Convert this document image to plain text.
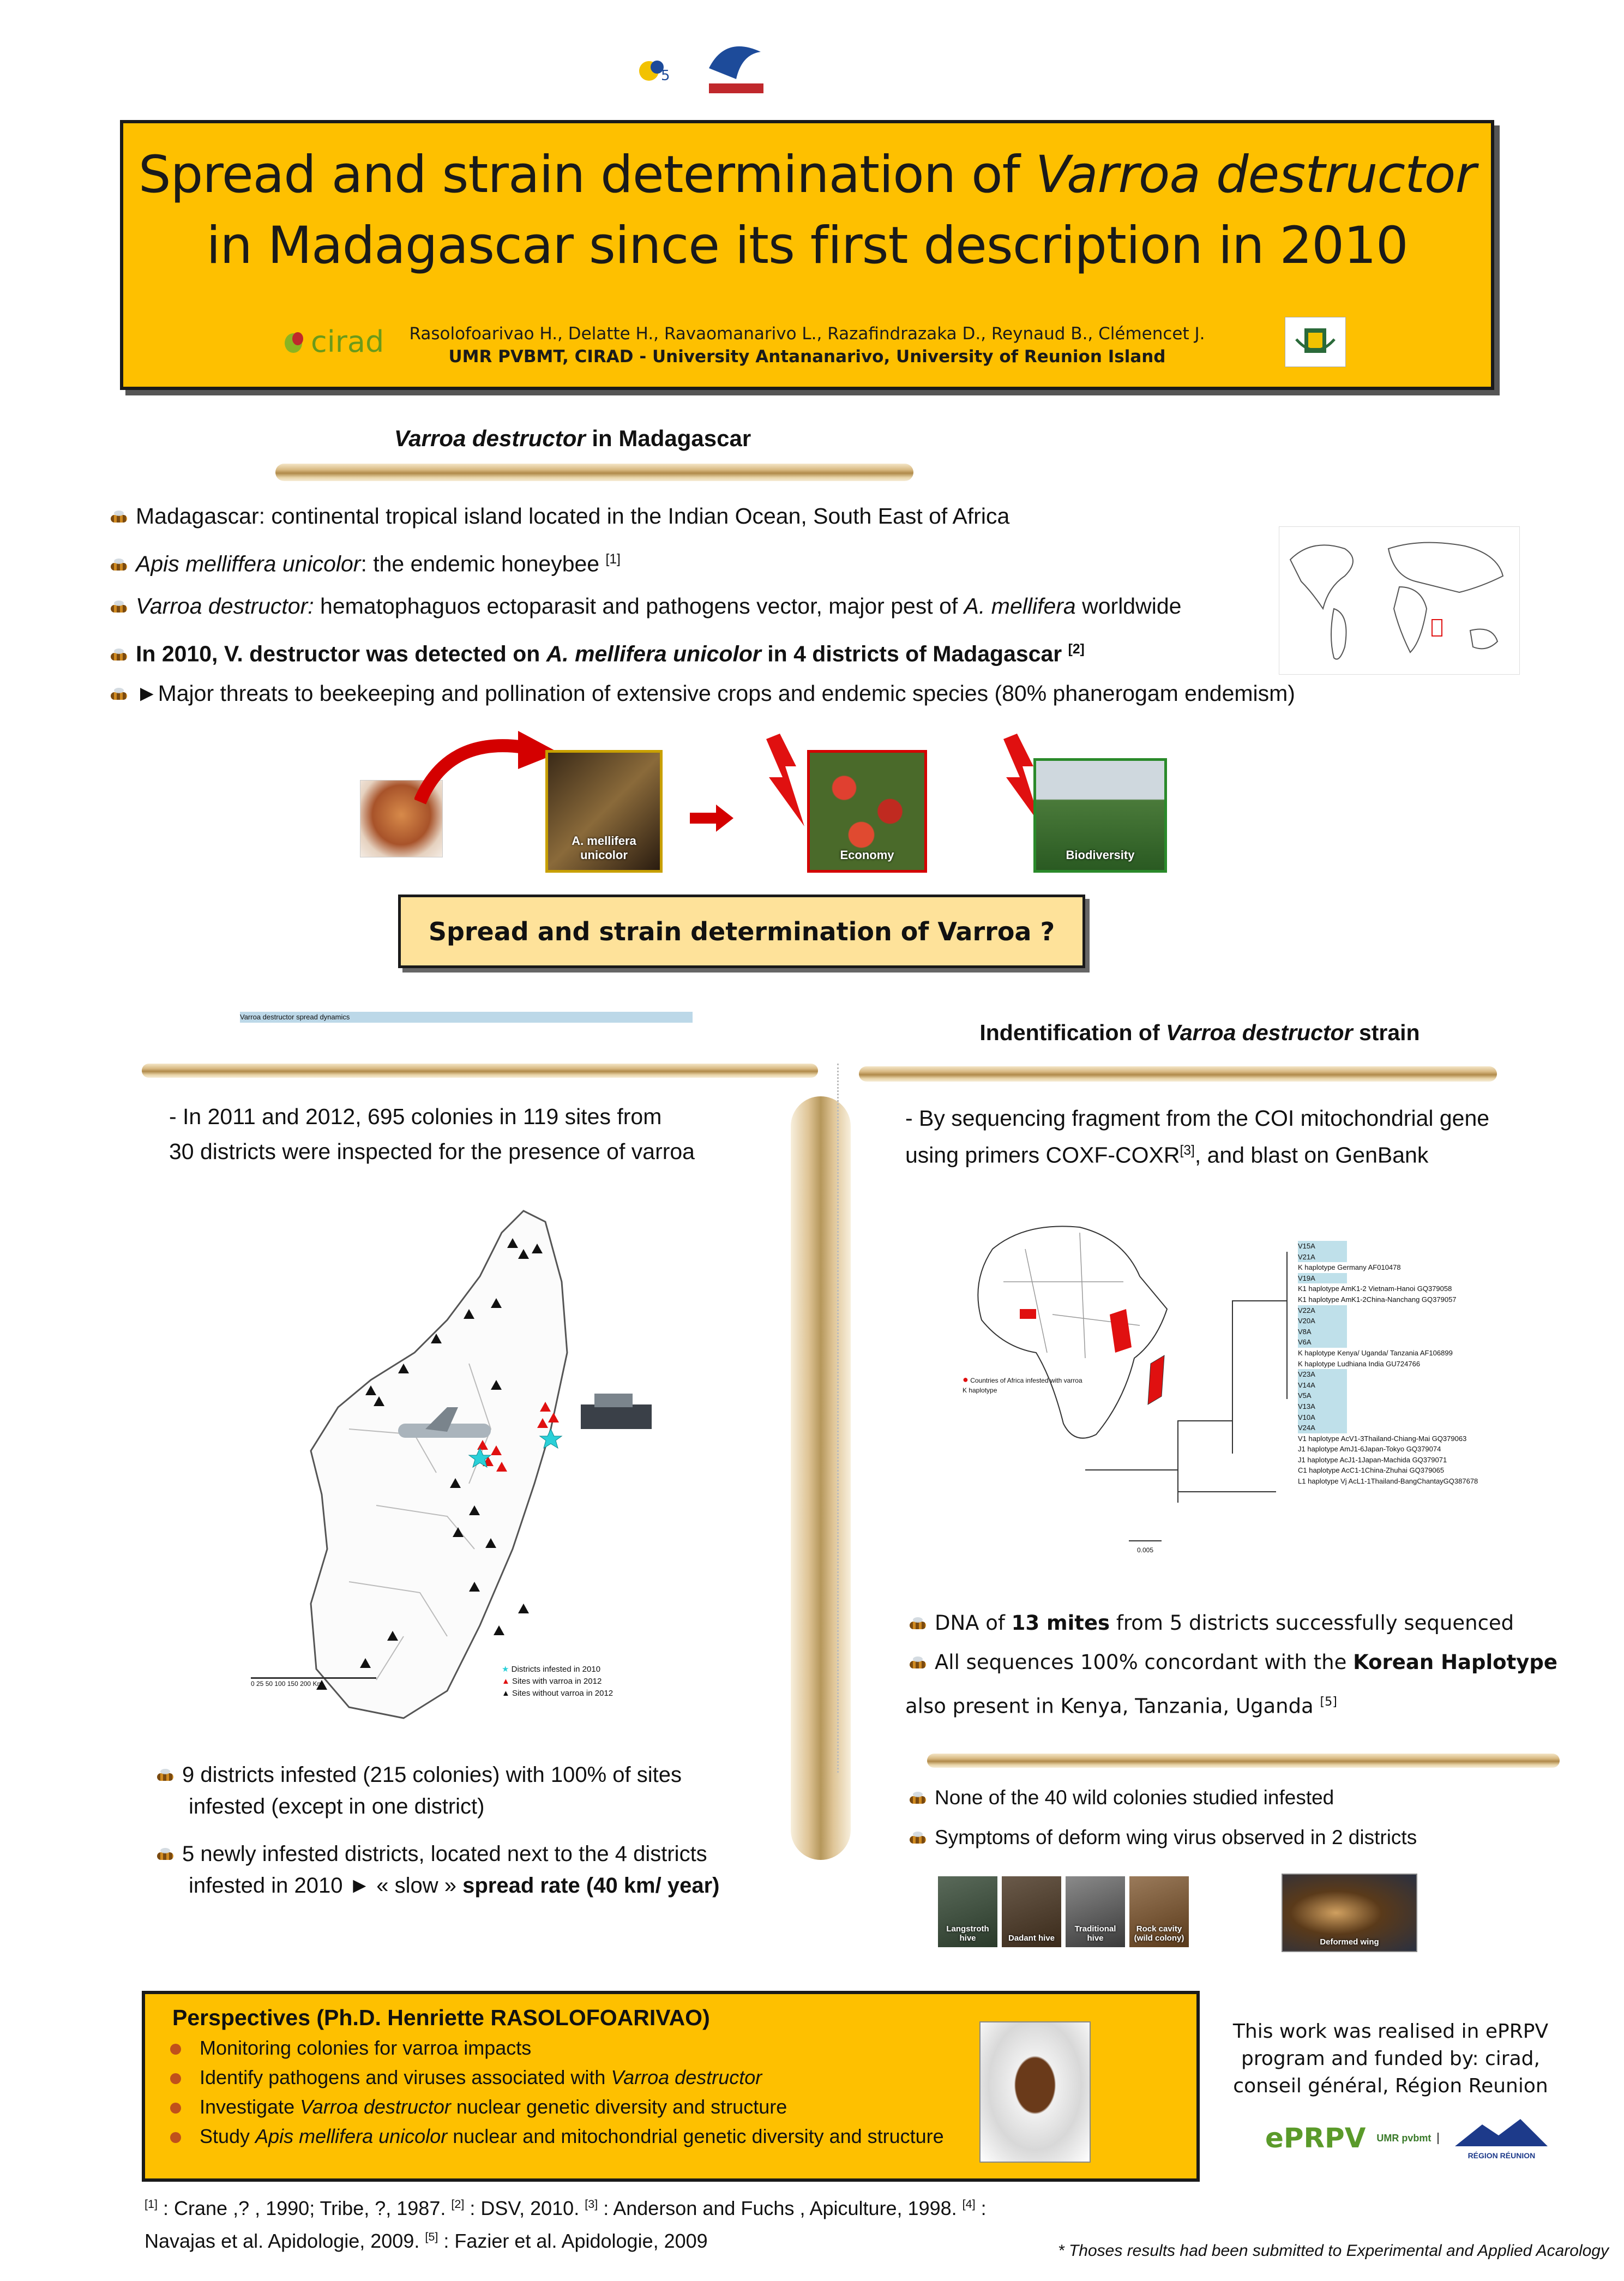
5
Spread and strain determination of Varroa destructor
in Madagascar since its first description in 2010
Rasolofoarivao H., Delatte H., Ravaomanarivo L., Razafindrazaka D., Reynaud B., Clémencet J.
UMR PVBMT, CIRAD - University Antananarivo, University of Reunion Island
cirad
Varroa destructor in Madagascar
Madagascar: continental tropical island located in the Indian Ocean, South East of Africa
Apis melliffera unicolor: the endemic honeybee [1]
Varroa destructor: hematophaguos ectoparasit and pathogens vector, major pest of A. mellifera worldwide
In 2010, V. destructor was detected on A. mellifera unicolor in 4 districts of Madagascar [2]
►Major threats to beekeeping and pollination of extensive crops and endemic species (80% phanerogam endemism)
A. mellifera unicolor	Economy	Biodiversity
Spread and strain determination of Varroa ?
Varroa destructor spread dynamics
- In 2011 and 2012, 695 colonies in 119 sites from
30 districts were inspected for the presence of varroa
★ Districts infested in 2010
▲ Sites with varroa in 2012
▲ Sites without varroa in 2012
0 25 50 100 150 200 Km
9 districts infested (215 colonies) with 100% of sites
infested (except in one district)
5 newly infested districts, located next to the 4 districts
infested in 2010 ► « slow » spread rate (40 km/ year)
Indentification of Varroa destructor strain
- By sequencing fragment from the COI mitochondrial gene
using primers COXF-COXR[3], and blast on GenBank
● Countries of Africa infested with varroa K haplotype
V15A
V21A
K haplotype Germany AF010478
V19A
K1 haplotype AmK1-2 Vietnam-Hanoi GQ379058
K1 haplotype AmK1-2China-Nanchang GQ379057
V22A
V20A
V8A
V6A
K haplotype Kenya/ Uganda/ Tanzania AF106899
K haplotype Ludhiana India GU724766
V23A
V14A
V5A
V13A
V10A
V24A
V1 haplotype AcV1-3Thailand-Chiang-Mai GQ379063
J1 haplotype AmJ1-6Japan-Tokyo GQ379074
J1 haplotype AcJ1-1Japan-Machida GQ379071
C1 haplotype AcC1-1China-Zhuhai GQ379065
L1 haplotype Vj AcL1-1Thailand-BangChantayGQ387678
0.005
DNA of 13 mites from 5 districts successfully sequenced
All sequences 100% concordant with the Korean Haplotype
also present in Kenya, Tanzania, Uganda [5]
None of the 40 wild colonies studied infested
Symptoms of deform wing virus observed in 2 districts
Langstroth hive	Dadant hive
Traditional hive
Rock cavity (wild colony)	Deformed wing
Perspectives (Ph.D. Henriette RASOLOFOARIVAO)
Monitoring colonies for varroa impacts
Identify pathogens and viruses associated with Varroa destructor
Investigate Varroa destructor nuclear genetic diversity and structure
Study Apis mellifera unicolor nuclear and mitochondrial genetic diversity and structure
This work was realised in ePRPV
program and funded by: cirad,
conseil général, Région Reunion
ePRPV UMR pvbmt
RÉGION RÉUNION
[1] : Crane ,? , 1990; Tribe, ?, 1987. [2] : DSV, 2010. [3] : Anderson and Fuchs , Apiculture, 1998. [4] :
Navajas et al. Apidologie, 2009. [5] : Fazier et al. Apidologie, 2009	* Thoses results had been submitted to Experimental and Applied Acarology
